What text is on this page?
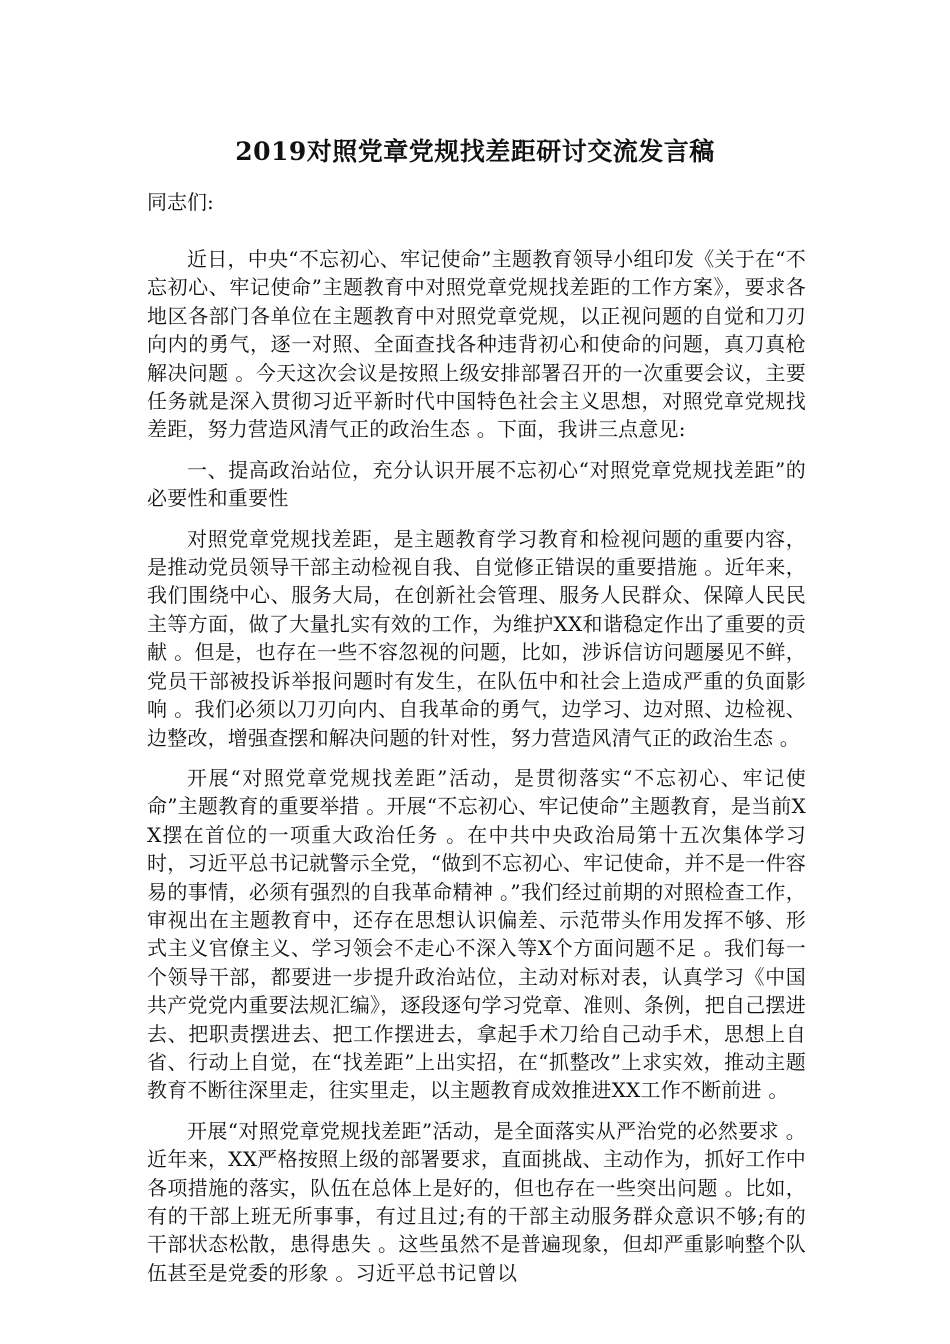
2019对照党章党规找差距研讨交流发言稿

同志们:

近日，中央“不忘初心、牢记使命”主题教育领导小组印发《关于在“不忘初心、牢记使命”主题教育中对照党章党规找差距的工作方案》，要求各地区各部门各单位在主题教育中对照党章党规，以正视问题的自觉和刀刃向内的勇气，逐一对照、全面查找各种违背初心和使命的问题，真刀真枪解决问题 。今天这次会议是按照上级安排部署召开的一次重要会议，主要任务就是深入贯彻习近平新时代中国特色社会主义思想，对照党章党规找差距，努力营造风清气正的政治生态 。下面，我讲三点意见:

一、提高政治站位，充分认识开展不忘初心“对照党章党规找差距”的必要性和重要性

对照党章党规找差距，是主题教育学习教育和检视问题的重要内容，是推动党员领导干部主动检视自我、自觉修正错误的重要措施 。近年来，我们围绕中心、服务大局，在创新社会管理、服务人民群众、保障人民民主等方面，做了大量扎实有效的工作，为维护XX和谐稳定作出了重要的贡献 。但是，也存在一些不容忽视的问题，比如，涉诉信访问题屡见不鲜，党员干部被投诉举报问题时有发生，在队伍中和社会上造成严重的负面影响 。我们必须以刀刃向内、自我革命的勇气，边学习、边对照、边检视、边整改，增强查摆和解决问题的针对性，努力营造风清气正的政治生态 。

开展“对照党章党规找差距”活动，是贯彻落实“不忘初心、牢记使命”主题教育的重要举措 。开展“不忘初心、牢记使命”主题教育，是当前XX摆在首位的一项重大政治任务 。在中共中央政治局第十五次集体学习时，习近平总书记就警示全党，“做到不忘初心、牢记使命，并不是一件容易的事情，必须有强烈的自我革命精神 。”我们经过前期的对照检查工作，审视出在主题教育中，还存在思想认识偏差、示范带头作用发挥不够、形式主义官僚主义、学习领会不走心不深入等X个方面问题不足 。我们每一个领导干部，都要进一步提升政治站位，主动对标对表，认真学习《中国共产党党内重要法规汇编》，逐段逐句学习党章、准则、条例，把自己摆进去、把职责摆进去、把工作摆进去，拿起手术刀给自己动手术，思想上自省、行动上自觉，在“找差距”上出实招，在“抓整改”上求实效，推动主题教育不断往深里走，往实里走，以主题教育成效推进XX工作不断前进 。

开展“对照党章党规找差距”活动，是全面落实从严治党的必然要求 。近年来，XX严格按照上级的部署要求，直面挑战、主动作为，抓好工作中各项措施的落实，队伍在总体上是好的，但也存在一些突出问题 。比如，有的干部上班无所事事，有过且过;有的干部主动服务群众意识不够;有的干部状态松散，患得患失 。这些虽然不是普遍现象，但却严重影响整个队伍甚至是党委的形象 。习近平总书记曾以
